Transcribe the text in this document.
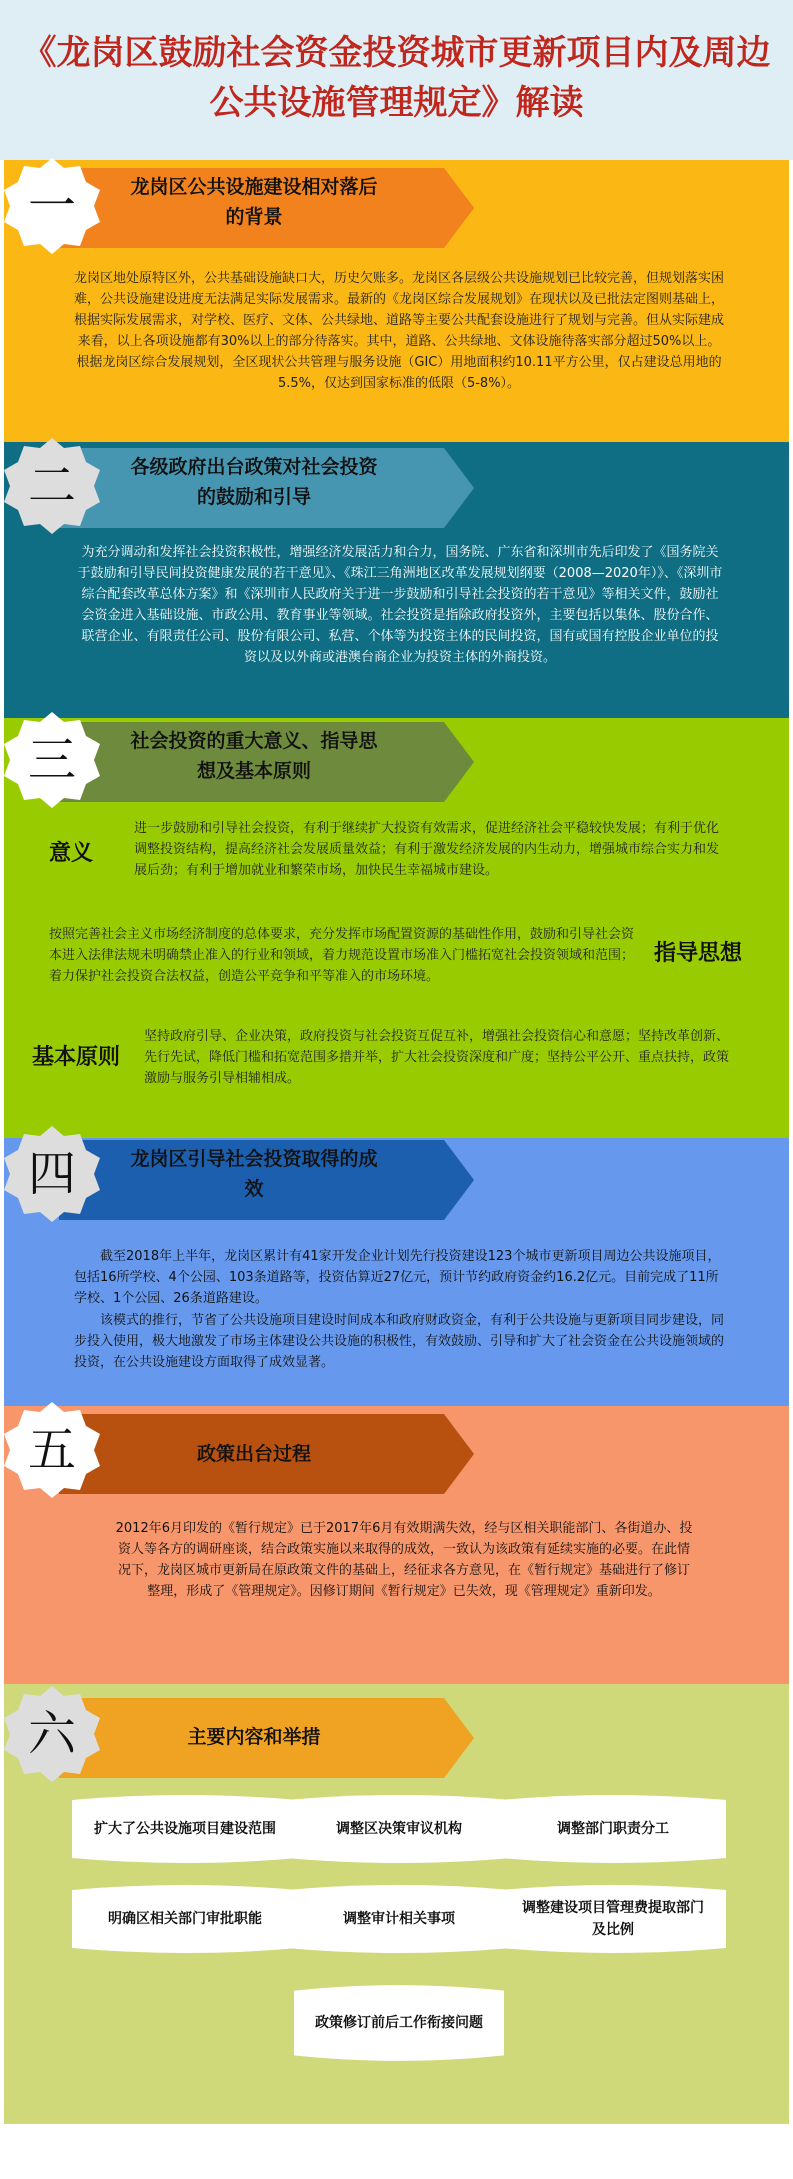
《龙岗区鼓励社会资金投资城市更新项目内及周边公共设施管理规定》解读
龙岗区公共设施建设相对落后
的背景
一
龙岗区地处原特区外，公共基础设施缺口大，历史欠账多。龙岗区各层级公共设施规划已比较完善，但规划落实困难，公共设施建设进度无法满足实际发展需求。最新的《龙岗区综合发展规划》在现状以及已批法定图则基础上，根据实际发展需求，对学校、医疗、文体、公共绿地、道路等主要公共配套设施进行了规划与完善。但从实际建成来看，以上各项设施都有30%以上的部分待落实。其中，道路、公共绿地、文体设施待落实部分超过50%以上。根据龙岗区综合发展规划，全区现状公共管理与服务设施（GIC）用地面积约10.11平方公里，仅占建设总用地的5.5%，仅达到国家标准的低限（5-8%）。
各级政府出台政策对社会投资
的鼓励和引导
二
为充分调动和发挥社会投资积极性，增强经济发展活力和合力，国务院、广东省和深圳市先后印发了《国务院关于鼓励和引导民间投资健康发展的若干意见》、《珠江三角洲地区改革发展规划纲要（2008—2020年）》、《深圳市综合配套改革总体方案》和《深圳市人民政府关于进一步鼓励和引导社会投资的若干意见》等相关文件，鼓励社会资金进入基础设施、市政公用、教育事业等领域。社会投资是指除政府投资外，主要包括以集体、股份合作、联营企业、有限责任公司、股份有限公司、私营、个体等为投资主体的民间投资，国有或国有控股企业单位的投资以及以外商或港澳台商企业为投资主体的外商投资。
社会投资的重大意义、指导思
想及基本原则
三
意义
进一步鼓励和引导社会投资，有利于继续扩大投资有效需求，促进经济社会平稳较快发展；有利于优化调整投资结构，提高经济社会发展质量效益；有利于激发经济发展的内生动力，增强城市综合实力和发展后劲；有利于增加就业和繁荣市场，加快民生幸福城市建设。
按照完善社会主义市场经济制度的总体要求，充分发挥市场配置资源的基础性作用，鼓励和引导社会资本进入法律法规未明确禁止准入的行业和领域，着力规范设置市场准入门槛拓宽社会投资领域和范围；着力保护社会投资合法权益，创造公平竞争和平等准入的市场环境。
指导思想
基本原则
坚持政府引导、企业决策，政府投资与社会投资互促互补，增强社会投资信心和意愿；坚持改革创新、先行先试，降低门槛和拓宽范围多措并举，扩大社会投资深度和广度；坚持公平公开、重点扶持，政策激励与服务引导相辅相成。
龙岗区引导社会投资取得的成
效
四
截至2018年上半年，龙岗区累计有41家开发企业计划先行投资建设123个城市更新项目周边公共设施项目，包括16所学校、4个公园、103条道路等，投资估算近27亿元，预计节约政府资金约16.2亿元。目前完成了11所学校、1个公园、26条道路建设。
该模式的推行，节省了公共设施项目建设时间成本和政府财政资金，有利于公共设施与更新项目同步建设，同步投入使用，极大地激发了市场主体建设公共设施的积极性，有效鼓励、引导和扩大了社会资金在公共设施领域的投资，在公共设施建设方面取得了成效显著。
政策出台过程
五
2012年6月印发的《暂行规定》已于2017年6月有效期满失效，经与区相关职能部门、各街道办、投资人等各方的调研座谈，结合政策实施以来取得的成效，一致认为该政策有延续实施的必要。在此情况下，龙岗区城市更新局在原政策文件的基础上，经征求各方意见，在《暂行规定》基础进行了修订整理，形成了《管理规定》。因修订期间《暂行规定》已失效，现《管理规定》重新印发。
主要内容和举措
六
扩大了公共设施项目建设范围	调整区决策审议机构	调整部门职责分工
明确区相关部门审批职能	调整审计相关事项
调整建设项目管理费提取部门及比例
政策修订前后工作衔接问题
